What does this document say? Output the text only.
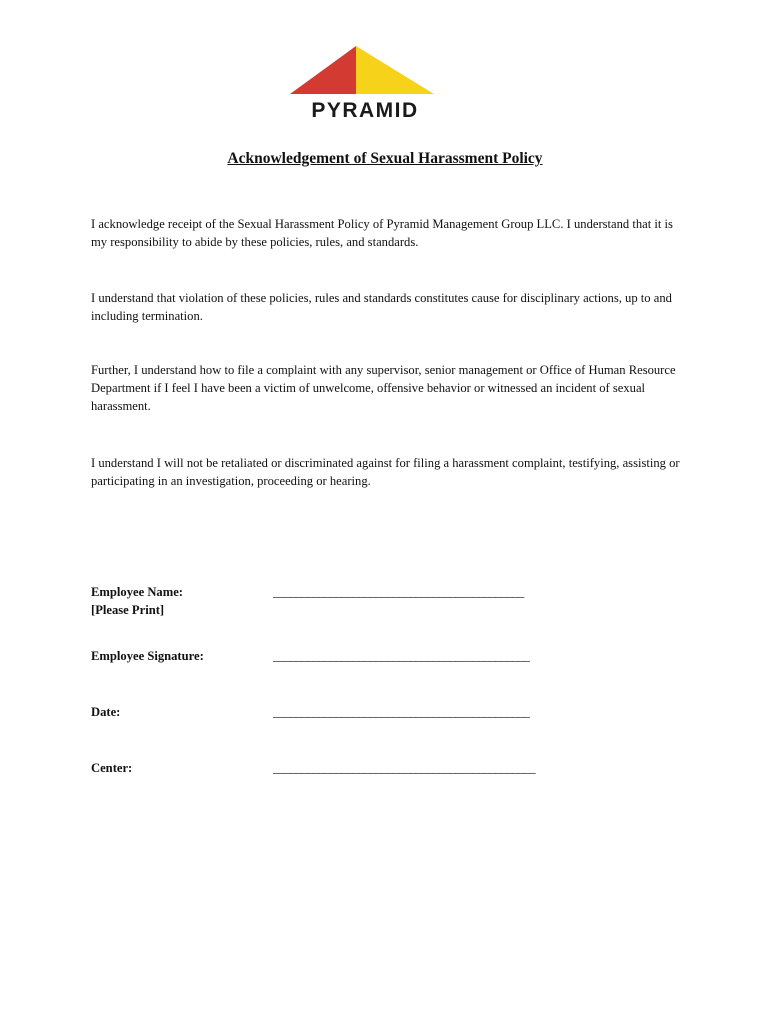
PYRAMID
Acknowledgement of Sexual Harassment Policy

I acknowledge receipt of the Sexual Harassment Policy of Pyramid Management Group LLC. I understand that it is my responsibility to abide by these policies, rules, and standards.

I understand that violation of these policies, rules and standards constitutes cause for disciplinary actions, up to and including termination.

Further, I understand how to file a complaint with any supervisor, senior management or Office of Human Resource Department if I feel I have been a victim of unwelcome, offensive behavior or witnessed an incident of sexual harassment.

I understand I will not be retaliated or discriminated against for filing a harassment complaint, testifying, assisting or participating in an investigation, proceeding or hearing.

Employee Name:
[Please Print]
____________________________________________
Employee Signature:	_____________________________________________
Date:	_____________________________________________
Center:	______________________________________________
